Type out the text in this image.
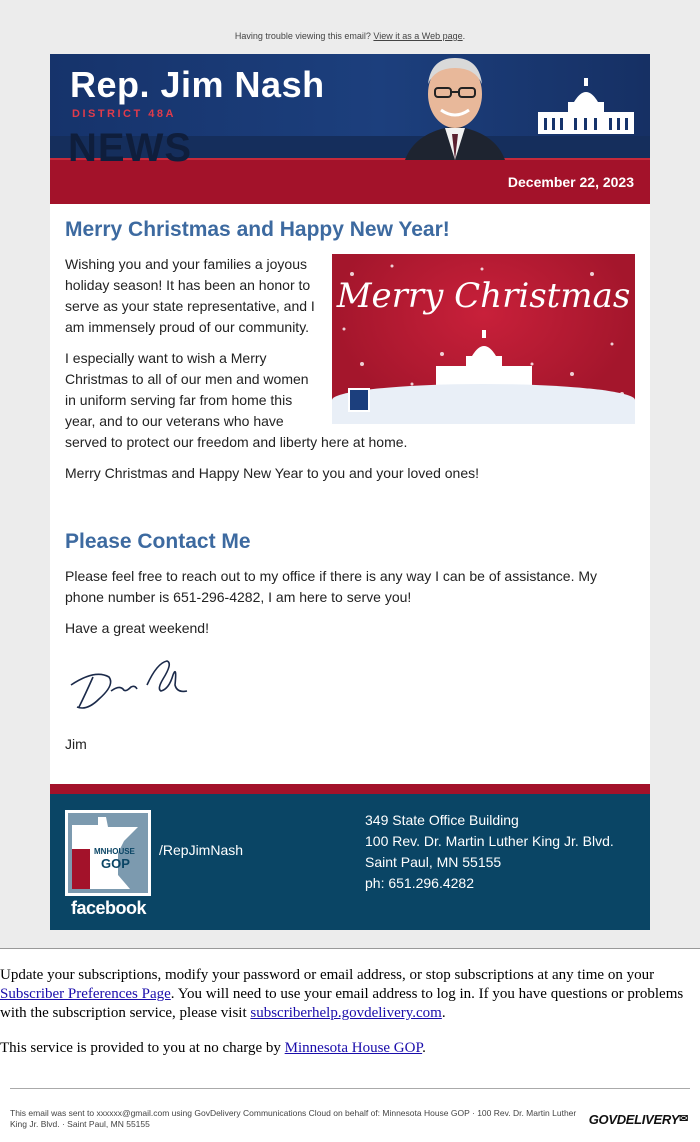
Having trouble viewing this email? View it as a Web page.
Rep. Jim Nash
DISTRICT 48A
NEWS
December 22, 2023
Merry Christmas and Happy New Year!
Merry Christmas

Wishing you and your families a joyous holiday season! It has been an honor to serve as your state representative, and I am immensely proud of our community.

I especially want to wish a Merry Christmas to all of our men and women in uniform serving far from home this year, and to our veterans who have served to protect our freedom and liberty here at home.

Merry Christmas and Happy New Year to you and your loved ones!

Please Contact Me

Please feel free to reach out to my office if there is any way I can be of assistance. My phone number is 651-296-4282, I am here to serve you!

Have a great weekend!

Jim
MNHOUSE
GOP
facebook
/RepJimNash
349 State Office Building
100 Rev. Dr. Martin Luther King Jr. Blvd.
Saint Paul, MN 55155
ph: 651.296.4282

Update your subscriptions, modify your password or email address, or stop subscriptions at any time on your Subscriber Preferences Page. You will need to use your email address to log in. If you have questions or problems with the subscription service, please visit subscriberhelp.govdelivery.com.

This service is provided to you at no charge by Minnesota House GOP.

This email was sent to xxxxxx@gmail.com using GovDelivery Communications Cloud on behalf of: Minnesota House GOP · 100 Rev. Dr. Martin Luther King Jr. Blvd. · Saint Paul, MN 55155	GOVDELIVERY✉
